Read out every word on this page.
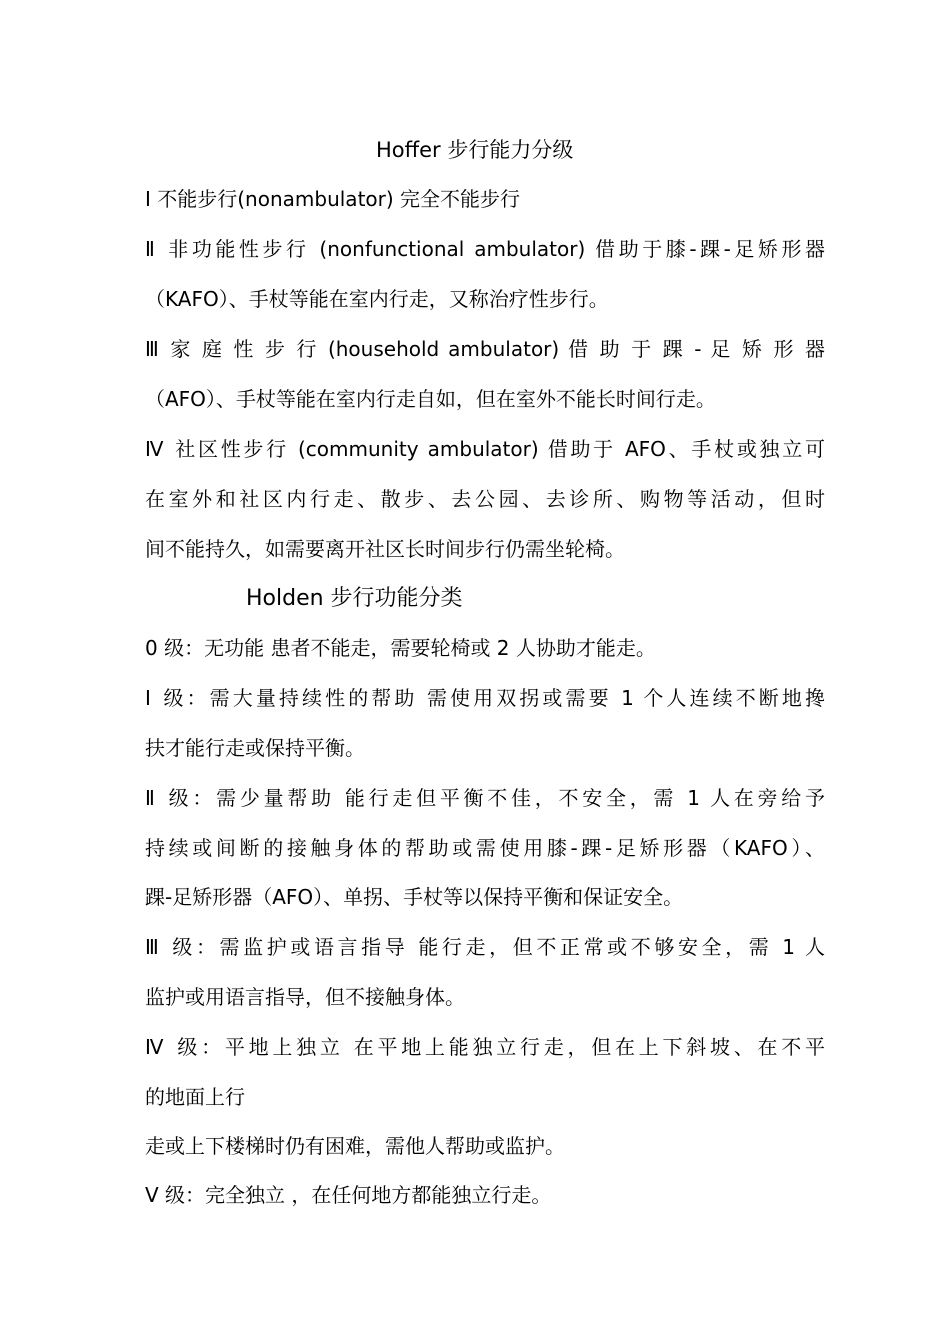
Hoffer 步行能力分级
Ⅰ 不能步行(nonambulator) 完全不能步行
Ⅱ 非功能性步行 (nonfunctional ambulator) 借助于膝-踝-足矫形器
（KAFO）、手杖等能在室内行走，又称治疗性步行。
Ⅲ 家 庭 性 步 行 (household ambulator) 借 助 于 踝 - 足 矫 形 器
（AFO）、手杖等能在室内行走自如，但在室外不能长时间行走。
Ⅳ 社区性步行 (community ambulator) 借助于 AFO、手杖或独立可
在室外和社区内行走、散步、去公园、去诊所、购物等活动，但时
间不能持久，如需要离开社区长时间步行仍需坐轮椅。
Holden 步行功能分类
0 级：无功能 患者不能走，需要轮椅或 2 人协助才能走。
Ⅰ 级：需大量持续性的帮助 需使用双拐或需要 1 个人连续不断地搀
扶才能行走或保持平衡。
Ⅱ 级：需少量帮助 能行走但平衡不佳，不安全，需 1 人在旁给予
持续或间断的接触身体的帮助或需使用膝-踝-足矫形器（KAFO）、
踝-足矫形器（AFO）、单拐、手杖等以保持平衡和保证安全。
Ⅲ 级：需监护或语言指导 能行走，但不正常或不够安全，需 1 人
监护或用语言指导，但不接触身体。
Ⅳ 级：平地上独立 在平地上能独立行走，但在上下斜坡、在不平
的地面上行
走或上下楼梯时仍有困难，需他人帮助或监护。
Ⅴ 级：完全独立 ，在任何地方都能独立行走。
